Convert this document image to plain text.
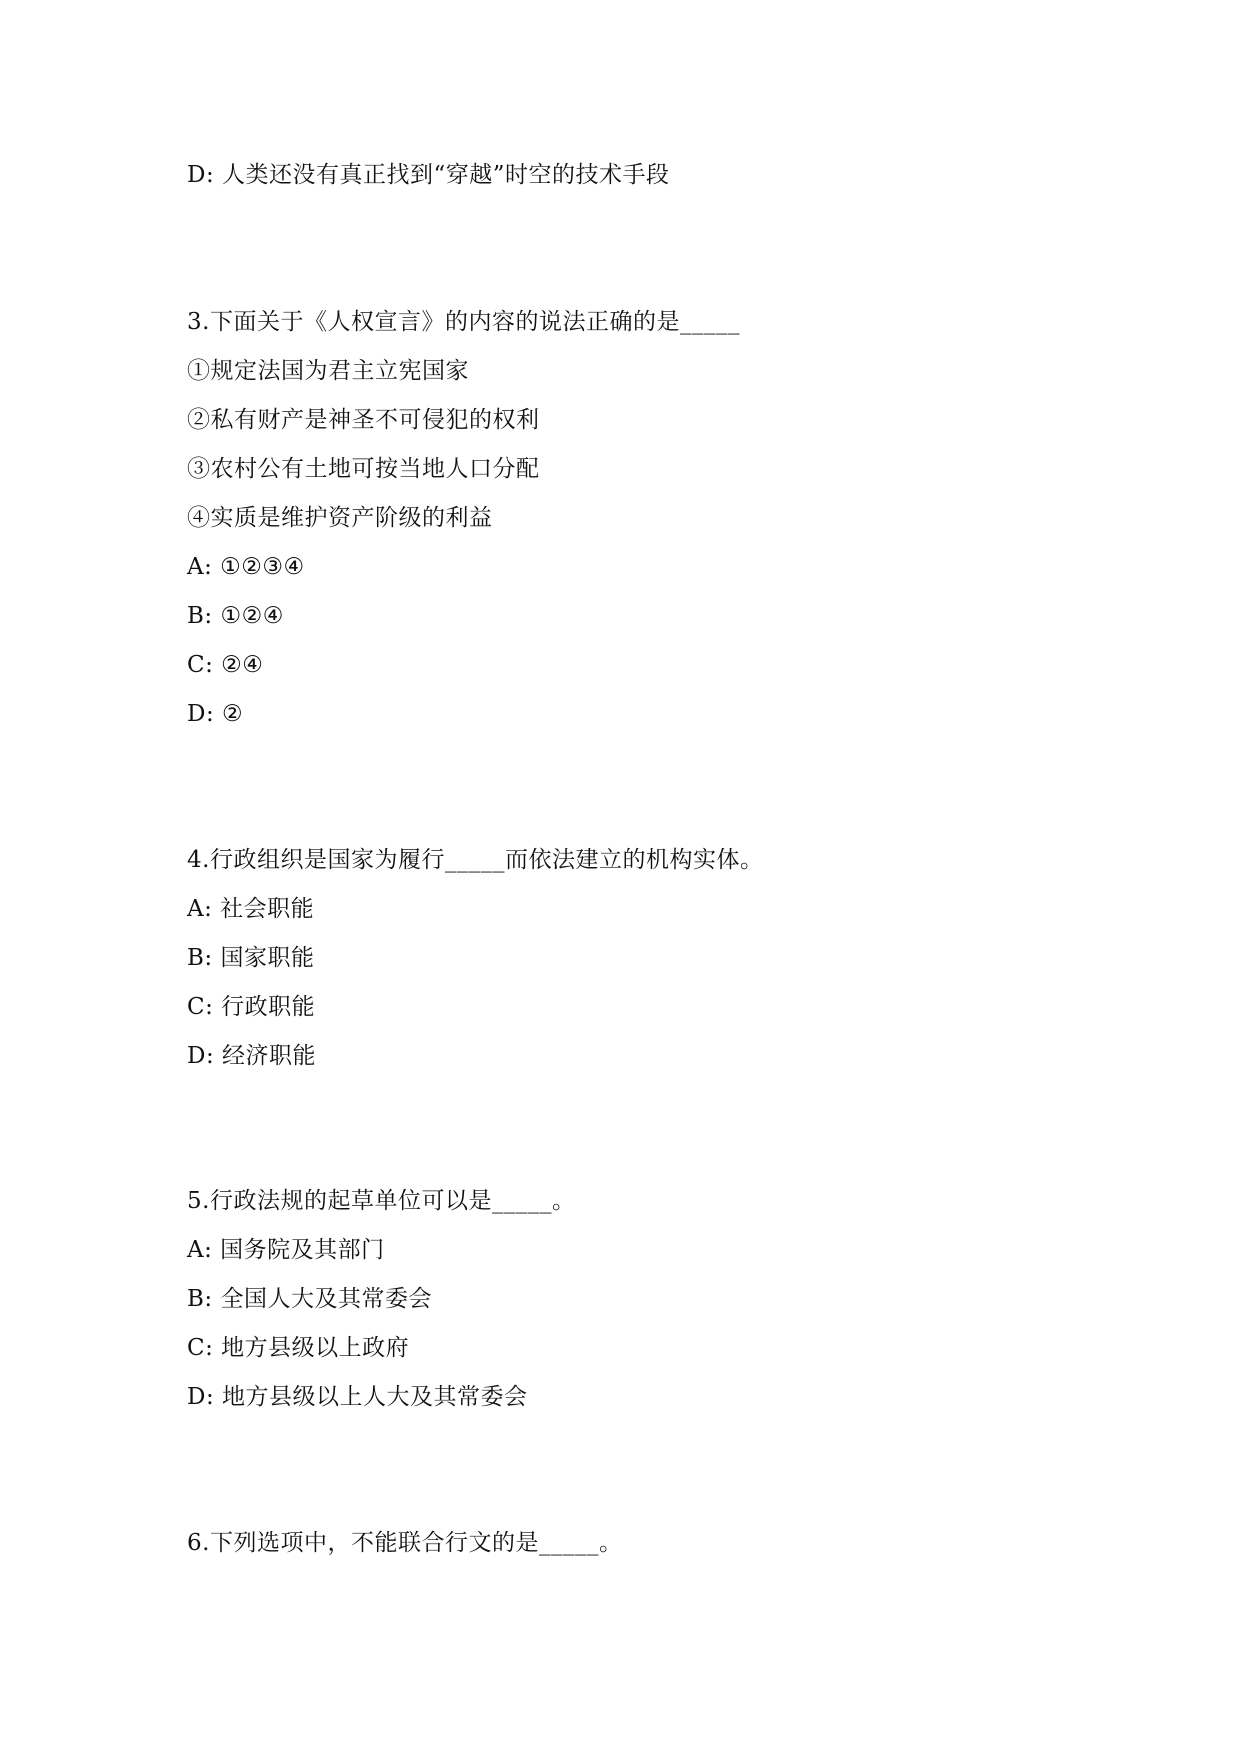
D: 人类还没有真正找到“穿越”时空的技术手段
3.下面关于《人权宣言》的内容的说法正确的是_____
①规定法国为君主立宪国家
②私有财产是神圣不可侵犯的权利
③农村公有土地可按当地人口分配
④实质是维护资产阶级的利益
A: ①②③④
B: ①②④
C: ②④
D: ②
4.行政组织是国家为履行_____而依法建立的机构实体。
A: 社会职能
B: 国家职能
C: 行政职能
D: 经济职能
5.行政法规的起草单位可以是_____。
A: 国务院及其部门
B: 全国人大及其常委会
C: 地方县级以上政府
D: 地方县级以上人大及其常委会
6.下列选项中，不能联合行文的是_____。
